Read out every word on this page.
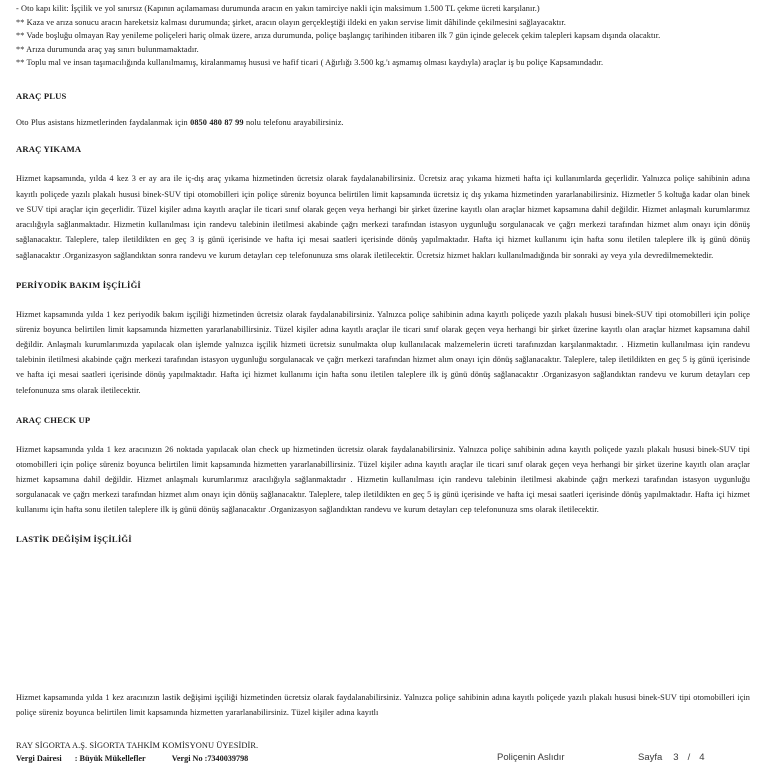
- Oto kapı kilit: İşçilik ve yol sınırsız (Kapının açılamaması durumunda aracın en yakın tamirciye nakli için maksimum 1.500 TL çekme ücreti karşılanır.)

** Kaza ve arıza sonucu aracın hareketsiz kalması durumunda; şirket, aracın olayın gerçekleştiği ildeki en yakın servise limit dâhilinde çekilmesini sağlayacaktır.

** Vade boşluğu olmayan Ray yenileme poliçeleri hariç olmak üzere, arıza durumunda, poliçe başlangıç tarihinden itibaren ilk 7 gün içinde gelecek çekim talepleri kapsam dışında olacaktır.

** Arıza durumunda araç yaş sınırı bulunmamaktadır.

** Toplu mal ve insan taşımacılığında kullanılmamış, kiralanmamış hususi ve hafif ticari ( Ağırlığı 3.500 kg.'ı aşmamış olması kaydıyla) araçlar iş bu poliçe Kapsamındadır.

ARAÇ PLUS

Oto Plus asistans hizmetlerinden faydalanmak için 0850 480 87 99 nolu telefonu arayabilirsiniz.

ARAÇ YIKAMA

Hizmet kapsamında, yılda 4 kez 3 er ay ara ile iç-dış araç yıkama hizmetinden ücretsiz olarak faydalanabilirsiniz. Ücretsiz araç yıkama hizmeti hafta içi kullanımlarda geçerlidir. Yalnızca poliçe sahibinin adına kayıtlı poliçede yazılı plakalı hususi binek-SUV tipi otomobilleri için poliçe süreniz boyunca belirtilen limit kapsamında ücretsiz iç dış yıkama hizmetinden yararlanabilirsiniz. Hizmetler 5 koltuğa kadar olan binek ve SUV tipi araçlar için geçerlidir. Tüzel kişiler adına kayıtlı araçlar ile ticari sınıf olarak geçen veya herhangi bir şirket üzerine kayıtlı olan araçlar hizmet kapsamına dahil değildir. Hizmet anlaşmalı kurumlarımız aracılığıyla sağlanmaktadır. Hizmetin kullanılması için randevu talebinin iletilmesi akabinde çağrı merkezi tarafından istasyon uygunluğu sorgulanacak ve çağrı merkezi tarafından hizmet alım onayı için dönüş sağlanacaktır. Taleplere, talep iletildikten en geç 3 iş günü içerisinde ve hafta içi mesai saatleri içerisinde dönüş yapılmaktadır. Hafta içi hizmet kullanımı için hafta sonu iletilen taleplere ilk iş günü dönüş sağlanacaktır .Organizasyon sağlandıktan sonra randevu ve kurum detayları cep telefonunuza sms olarak iletilecektir. Ücretsiz hizmet hakları kullanılmadığında bir sonraki ay veya yıla devredilmemektedir.

PERİYODİK BAKIM İŞÇİLİĞİ

Hizmet kapsamında yılda 1 kez periyodik bakım işçiliği hizmetinden ücretsiz olarak faydalanabilirsiniz. Yalnızca poliçe sahibinin adına kayıtlı poliçede yazılı plakalı hususi binek-SUV tipi otomobilleri için poliçe süreniz boyunca belirtilen limit kapsamında hizmetten yararlanabillirsiniz. Tüzel kişiler adına kayıtlı araçlar ile ticari sınıf olarak geçen veya herhangi bir şirket üzerine kayıtlı olan araçlar hizmet kapsamına dahil değildir. Anlaşmalı kurumlarımızda yapılacak olan işlemde yalnızca işçilik hizmeti ücretsiz sunulmakta olup kullanılacak malzemelerin ücreti tarafınızdan karşılanmaktadır. . Hizmetin kullanılması için randevu talebinin iletilmesi akabinde çağrı merkezi tarafından istasyon uygunluğu sorgulanacak ve çağrı merkezi tarafından hizmet alım onayı için dönüş sağlanacaktır. Taleplere, talep iletildikten en geç 5 iş günü içerisinde ve hafta içi mesai saatleri içerisinde dönüş yapılmaktadır. Hafta içi hizmet kullanımı için hafta sonu iletilen taleplere ilk iş günü dönüş sağlanacaktır .Organizasyon sağlandıktan randevu ve kurum detayları cep telefonunuza sms olarak iletilecektir.

ARAÇ CHECK UP

Hizmet kapsamında yılda 1 kez aracınızın 26 noktada yapılacak olan check up hizmetinden ücretsiz olarak faydalanabilirsiniz. Yalnızca poliçe sahibinin adına kayıtlı poliçede yazılı plakalı hususi binek-SUV tipi otomobilleri için poliçe süreniz boyunca belirtilen limit kapsamında hizmetten yararlanabillirsiniz. Tüzel kişiler adına kayıtlı araçlar ile ticari sınıf olarak geçen veya herhangi bir şirket üzerine kayıtlı olan araçlar hizmet kapsamına dahil değildir. Hizmet anlaşmalı kurumlarımız aracılığıyla sağlanmaktadır . Hizmetin kullanılması için randevu talebinin iletilmesi akabinde çağrı merkezi tarafından istasyon uygunluğu sorgulanacak ve çağrı merkezi tarafından hizmet alım onayı için dönüş sağlanacaktır. Taleplere, talep iletildikten en geç 5 iş günü içerisinde ve hafta içi mesai saatleri içerisinde dönüş yapılmaktadır. Hafta içi hizmet kullanımı için hafta sonu iletilen taleplere ilk iş günü dönüş sağlanacaktır .Organizasyon sağlandıktan randevu ve kurum detayları cep telefonunuza sms olarak iletilecektir.

LASTİK DEĞİŞİM İŞÇİLİĞİ

Hizmet kapsamında yılda 1 kez aracınızın lastik değişimi işçiliği hizmetinden ücretsiz olarak faydalanabilirsiniz. Yalnızca poliçe sahibinin adına kayıtlı poliçede yazılı plakalı hususi binek-SUV tipi otomobilleri için poliçe süreniz boyunca belirtilen limit kapsamında hizmetten yararlanabilirsiniz. Tüzel kişiler adına kayıtlı

RAY SİGORTA A.Ş. SİGORTA TAHKİM KOMİSYONU ÜYESİDİR.
Vergi Dairesi : Büyük Mükellefler	Vergi No :7340039798	Poliçenin Aslıdır	Sayfa 3 / 4
